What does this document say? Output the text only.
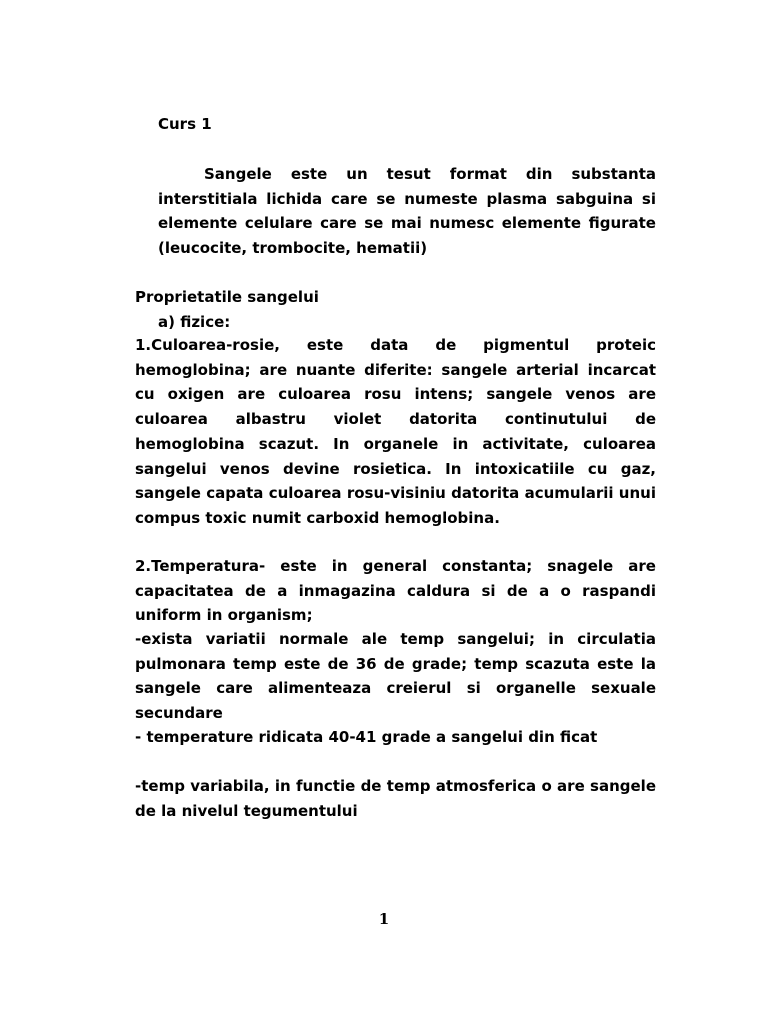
Curs 1

Sangele este un tesut format din substanta interstitiala lichida care se numeste plasma sabguina si elemente celulare care se mai numesc elemente figurate (leucocite, trombocite, hematii)

Proprietatile sangelui

a) fizice:

1.Culoarea-rosie, este data de pigmentul proteic hemoglobina; are nuante diferite: sangele arterial incarcat cu oxigen are culoarea rosu intens; sangele venos are culoarea albastru violet datorita continutului de hemoglobina scazut. In organele in activitate, culoarea sangelui venos devine rosietica. In intoxicatiile cu gaz, sangele capata culoarea rosu-visiniu datorita acumularii unui compus toxic numit carboxid hemoglobina.

2.Temperatura- este in general constanta; snagele are capacitatea de a inmagazina caldura si de a o raspandi uniform in organism;

-exista variatii normale ale temp sangelui; in circulatia pulmonara temp este de 36 de grade; temp scazuta este la sangele care alimenteaza creierul si organelle sexuale secundare

- temperature ridicata 40-41 grade a sangelui din ficat

-temp variabila, in functie de temp atmosferica o are sangele de la nivelul tegumentului

1
